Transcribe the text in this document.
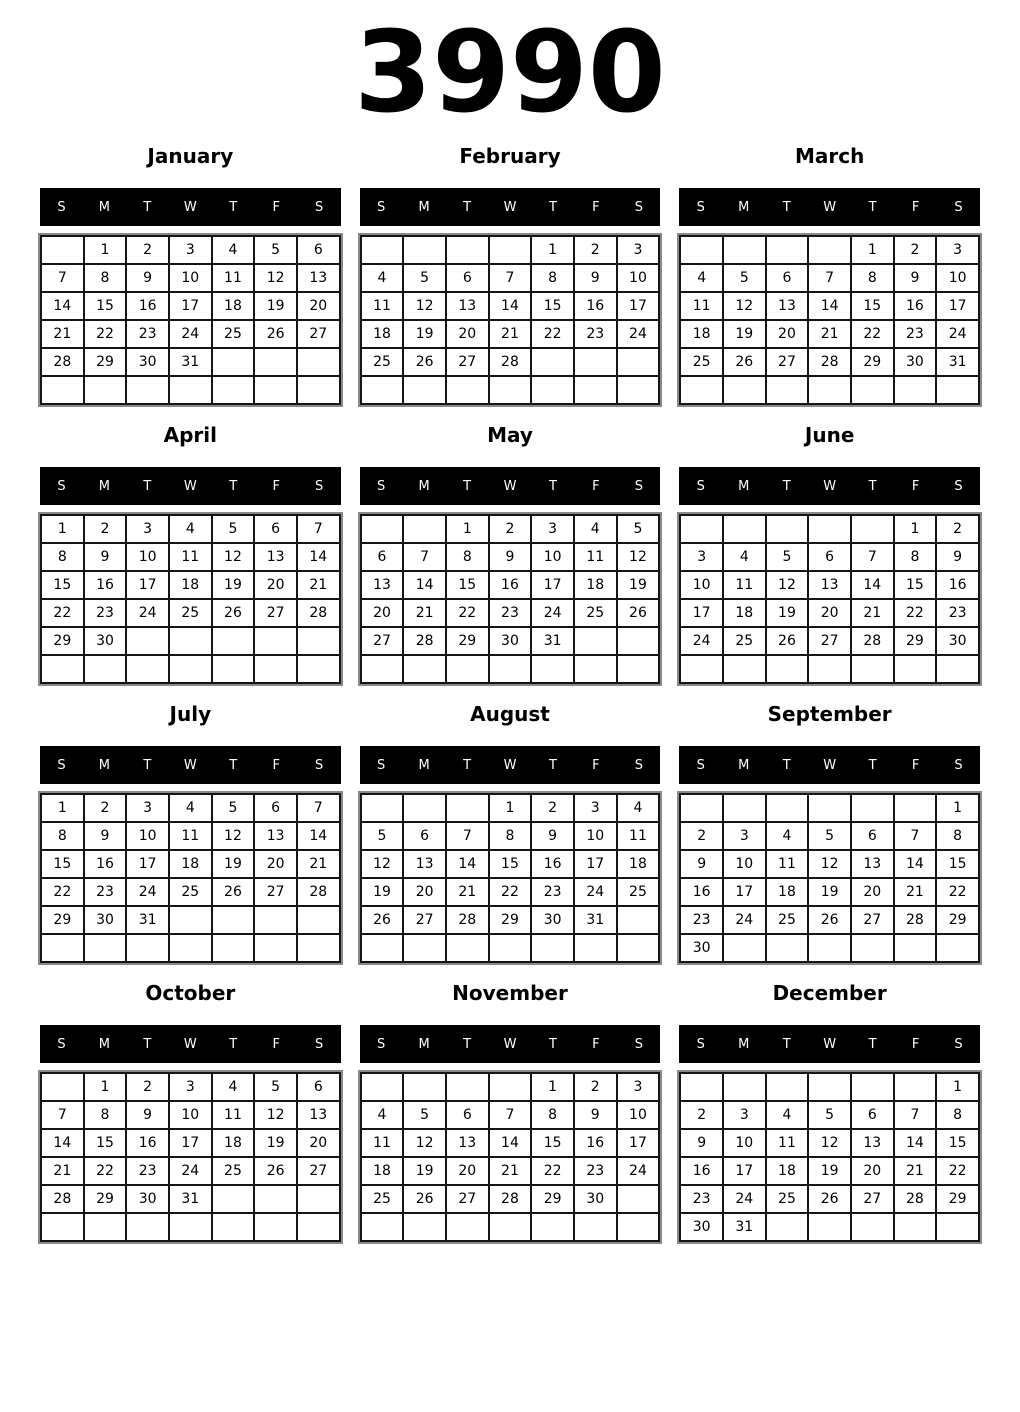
3990
January
S	M	T	W	T	F	S
	1	2	3	4	5	6
7	8	9	10	11	12	13
14	15	16	17	18	19	20
21	22	23	24	25	26	27
28	29	30	31			

February
S	M	T	W	T	F	S
				1	2	3
4	5	6	7	8	9	10
11	12	13	14	15	16	17
18	19	20	21	22	23	24
25	26	27	28			

March
S	M	T	W	T	F	S
				1	2	3
4	5	6	7	8	9	10
11	12	13	14	15	16	17
18	19	20	21	22	23	24
25	26	27	28	29	30	31

April
S	M	T	W	T	F	S
1	2	3	4	5	6	7
8	9	10	11	12	13	14
15	16	17	18	19	20	21
22	23	24	25	26	27	28
29	30					

May
S	M	T	W	T	F	S
		1	2	3	4	5
6	7	8	9	10	11	12
13	14	15	16	17	18	19
20	21	22	23	24	25	26
27	28	29	30	31		

June
S	M	T	W	T	F	S
					1	2
3	4	5	6	7	8	9
10	11	12	13	14	15	16
17	18	19	20	21	22	23
24	25	26	27	28	29	30

July
S	M	T	W	T	F	S
1	2	3	4	5	6	7
8	9	10	11	12	13	14
15	16	17	18	19	20	21
22	23	24	25	26	27	28
29	30	31				

August
S	M	T	W	T	F	S
			1	2	3	4
5	6	7	8	9	10	11
12	13	14	15	16	17	18
19	20	21	22	23	24	25
26	27	28	29	30	31	

September
S	M	T	W	T	F	S
						1
2	3	4	5	6	7	8
9	10	11	12	13	14	15
16	17	18	19	20	21	22
23	24	25	26	27	28	29
30						
October
S	M	T	W	T	F	S
	1	2	3	4	5	6
7	8	9	10	11	12	13
14	15	16	17	18	19	20
21	22	23	24	25	26	27
28	29	30	31			

November
S	M	T	W	T	F	S
				1	2	3
4	5	6	7	8	9	10
11	12	13	14	15	16	17
18	19	20	21	22	23	24
25	26	27	28	29	30	

December
S	M	T	W	T	F	S
						1
2	3	4	5	6	7	8
9	10	11	12	13	14	15
16	17	18	19	20	21	22
23	24	25	26	27	28	29
30	31					
